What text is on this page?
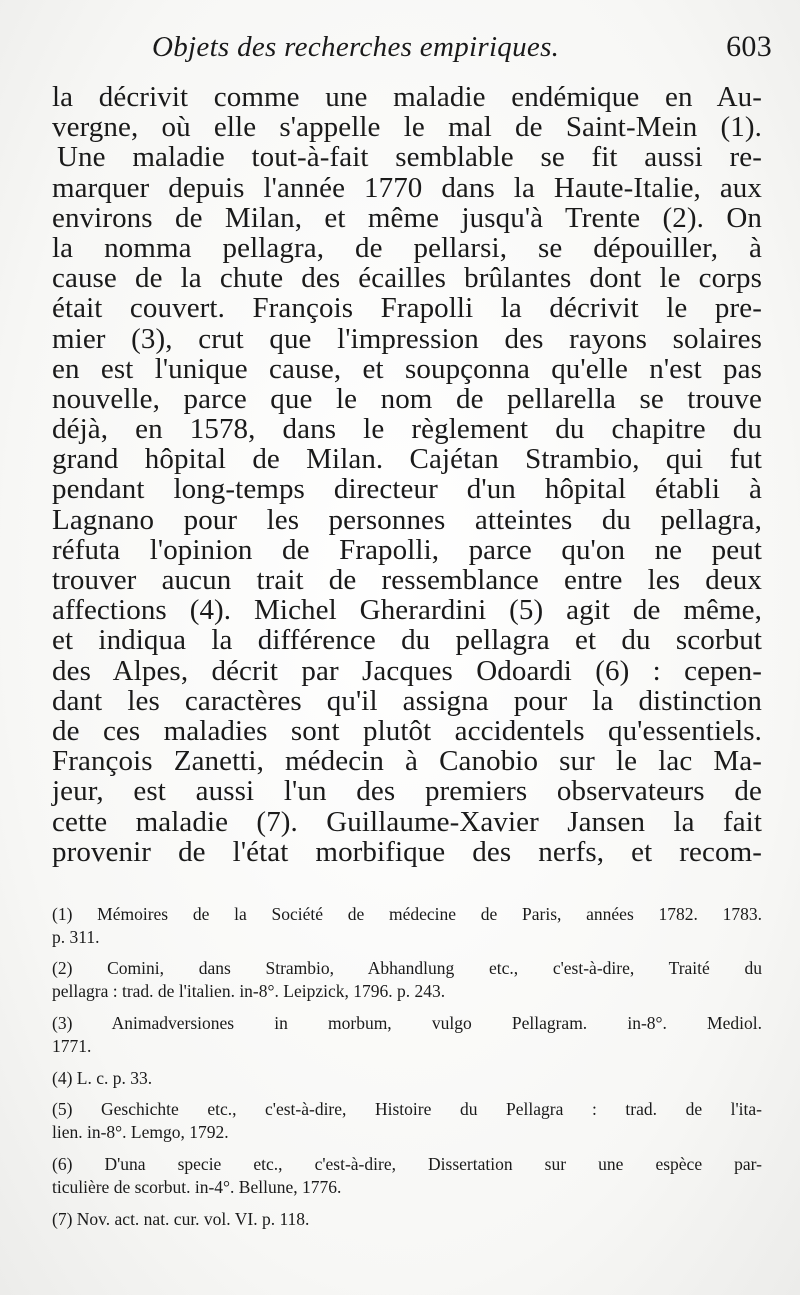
Objets des recherches empiriques.	603
la décrivit comme une maladie endémique en Au-
vergne, où elle s'appelle le mal de Saint-Mein (1).
Une maladie tout-à-fait semblable se fit aussi re-
marquer depuis l'année 1770 dans la Haute-Italie, aux
environs de Milan, et même jusqu'à Trente (2). On
la nomma pellagra, de pellarsi, se dépouiller, à
cause de la chute des écailles brûlantes dont le corps
était couvert. François Frapolli la décrivit le pre-
mier (3), crut que l'impression des rayons solaires
en est l'unique cause, et soupçonna qu'elle n'est pas
nouvelle, parce que le nom de pellarella se trouve
déjà, en 1578, dans le règlement du chapitre du
grand hôpital de Milan. Cajétan Strambio, qui fut
pendant long-temps directeur d'un hôpital établi à
Lagnano pour les personnes atteintes du pellagra,
réfuta l'opinion de Frapolli, parce qu'on ne peut
trouver aucun trait de ressemblance entre les deux
affections (4). Michel Gherardini (5) agit de même,
et indiqua la différence du pellagra et du scorbut
des Alpes, décrit par Jacques Odoardi (6) : cepen-
dant les caractères qu'il assigna pour la distinction
de ces maladies sont plutôt accidentels qu'essentiels.
François Zanetti, médecin à Canobio sur le lac Ma-
jeur, est aussi l'un des premiers observateurs de
cette maladie (7). Guillaume-Xavier Jansen la fait
provenir de l'état morbifique des nerfs, et recom-
(1) Mémoires de la Société de médecine de Paris, années 1782. 1783.
p. 311.
(2) Comini, dans Strambio, Abhandlung etc., c'est-à-dire, Traité du
pellagra : trad. de l'italien. in-8°. Leipzick, 1796. p. 243.
(3) Animadversiones in morbum, vulgo Pellagram. in-8°. Mediol.
1771.
(4) L. c. p. 33.
(5) Geschichte etc., c'est-à-dire, Histoire du Pellagra : trad. de l'ita-
lien. in-8°. Lemgo, 1792.
(6) D'una specie etc., c'est-à-dire, Dissertation sur une espèce par-
ticulière de scorbut. in-4°. Bellune, 1776.
(7) Nov. act. nat. cur. vol. VI. p. 118.
